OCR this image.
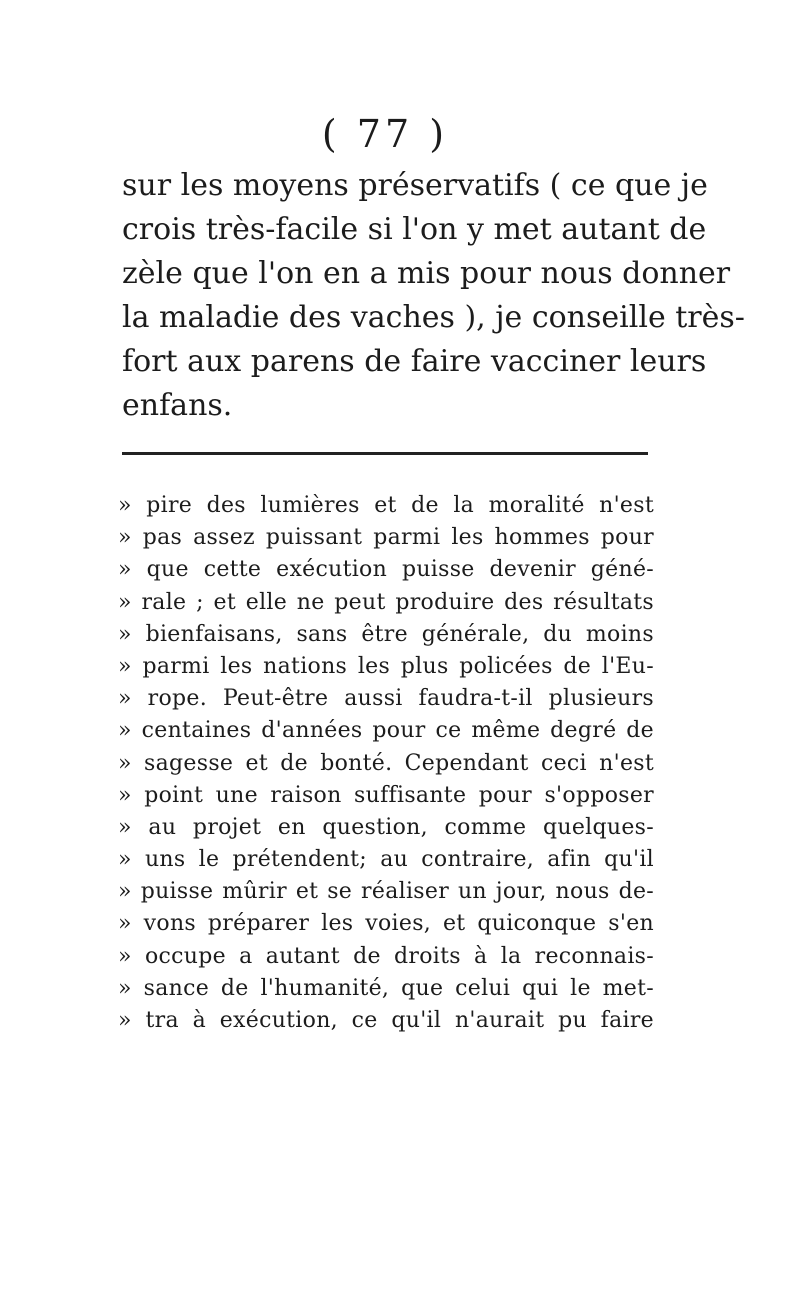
( 77 )
sur les moyens préservatifs ( ce que je
crois très-facile si l'on y met autant de
zèle que l'on en a mis pour nous donner
la maladie des vaches ), je conseille très-
fort aux parens de faire vacciner leurs
enfans.
» pire des lumières et de la moralité n'est
» pas assez puissant parmi les hommes pour
» que cette exécution puisse devenir géné-
» rale ; et elle ne peut produire des résultats
» bienfaisans, sans être générale, du moins
» parmi les nations les plus policées de l'Eu-
» rope. Peut-être aussi faudra-t-il plusieurs
» centaines d'années pour ce même degré de
» sagesse et de bonté. Cependant ceci n'est
» point une raison suffisante pour s'opposer
» au projet en question, comme quelques-
» uns le prétendent; au contraire, afin qu'il
» puisse mûrir et se réaliser un jour, nous de-
» vons préparer les voies, et quiconque s'en
» occupe a autant de droits à la reconnais-
» sance de l'humanité, que celui qui le met-
» tra à exécution, ce qu'il n'aurait pu faire
